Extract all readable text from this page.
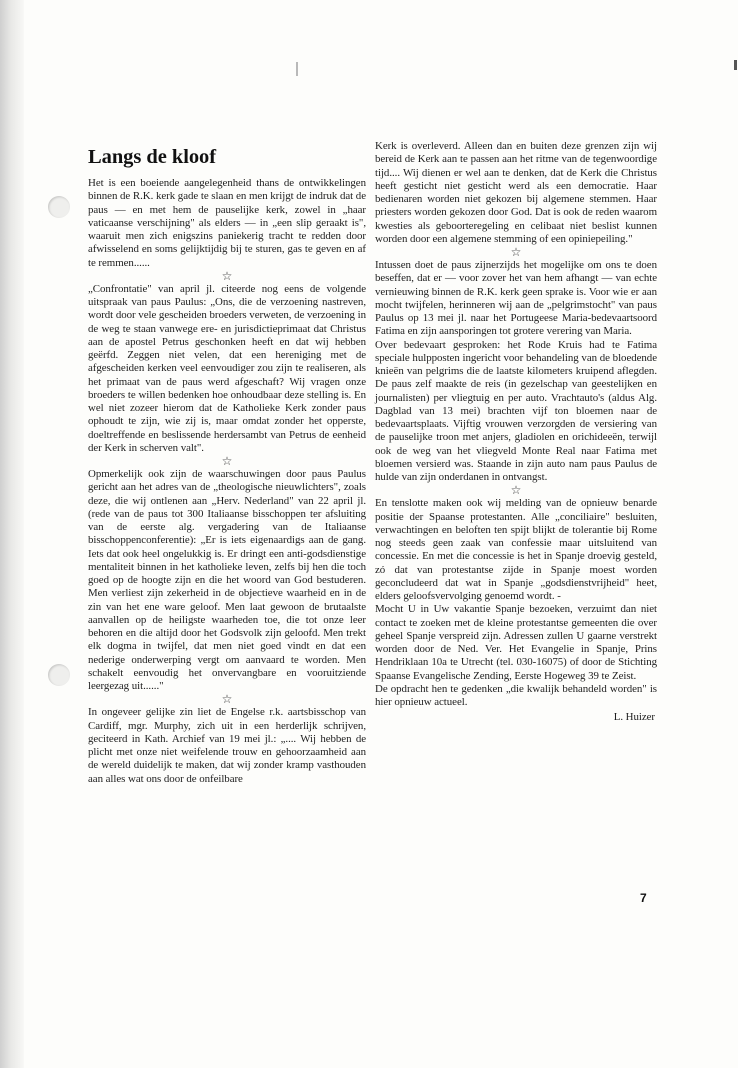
Langs de kloof

Het is een boeiende aangelegenheid thans de ontwikkelingen binnen de R.K. kerk gade te slaan en men krijgt de indruk dat de paus — en met hem de pauselijke kerk, zowel in „haar vaticaanse verschijning" als elders — in „een slip geraakt is", waaruit men zich enigszins paniekerig tracht te redden door afwisselend en soms gelijktijdig bij te sturen, gas te geven en af te remmen......

☆

„Confrontatie" van april jl. citeerde nog eens de volgende uitspraak van paus Paulus: „Ons, die de verzoening nastreven, wordt door vele gescheiden broeders verweten, de verzoening in de weg te staan vanwege ere- en jurisdictieprimaat dat Christus aan de apostel Petrus geschonken heeft en dat wij hebben geërfd. Zeggen niet velen, dat een hereniging met de afgescheiden kerken veel eenvoudiger zou zijn te realiseren, als het primaat van de paus werd afgeschaft? Wij vragen onze broeders te willen bedenken hoe onhoudbaar deze stelling is. En wel niet zozeer hierom dat de Katholieke Kerk zonder paus ophoudt te zijn, wie zij is, maar omdat zonder het opperste, doeltreffende en beslissende herdersambt van Petrus de eenheid der Kerk in scherven valt".

☆

Opmerkelijk ook zijn de waarschuwingen door paus Paulus gericht aan het adres van de „theologische nieuwlichters", zoals deze, die wij ontlenen aan „Herv. Nederland" van 22 april jl. (rede van de paus tot 300 Italiaanse bisschoppen ter afsluiting van de eerste alg. vergadering van de Italiaanse bisschoppenconferentie): „Er is iets eigenaardigs aan de gang. Iets dat ook heel ongelukkig is. Er dringt een anti-godsdienstige mentaliteit binnen in het katholieke leven, zelfs bij hen die toch goed op de hoogte zijn en die het woord van God bestuderen. Men verliest zijn zekerheid in de objectieve waarheid en in de zin van het ene ware geloof. Men laat gewoon de brutaalste aanvallen op de heiligste waarheden toe, die tot onze leer behoren en die altijd door het Godsvolk zijn geloofd. Men trekt elk dogma in twijfel, dat men niet goed vindt en dat een nederige onderwerping vergt om aanvaard te worden. Men schakelt eenvoudig het onvervangbare en vooruitziende leergezag uit......"

☆

In ongeveer gelijke zin liet de Engelse r.k. aartsbisschop van Cardiff, mgr. Murphy, zich uit in een herderlijk schrijven, geciteerd in Kath. Archief van 19 mei jl.: „.... Wij hebben de plicht met onze niet weifelende trouw en gehoorzaamheid aan de wereld duidelijk te maken, dat wij zonder kramp vasthouden aan alles wat ons door de onfeilbare

Kerk is overleverd. Alleen dan en buiten deze grenzen zijn wij bereid de Kerk aan te passen aan het ritme van de tegenwoordige tijd.... Wij dienen er wel aan te denken, dat de Kerk die Christus heeft gesticht niet gesticht werd als een democratie. Haar bedienaren worden niet gekozen bij algemene stemmen. Haar priesters worden gekozen door God. Dat is ook de reden waarom kwesties als geboorteregeling en celibaat niet beslist kunnen worden door een algemene stemming of een opiniepeiling."

☆

Intussen doet de paus zijnerzijds het mogelijke om ons te doen beseffen, dat er — voor zover het van hem afhangt — van echte vernieuwing binnen de R.K. kerk geen sprake is. Voor wie er aan mocht twijfelen, herinneren wij aan de „pelgrimstocht" van paus Paulus op 13 mei jl. naar het Portugeese Maria-bedevaartsoord Fatima en zijn aansporingen tot grotere verering van Maria.

Over bedevaart gesproken: het Rode Kruis had te Fatima speciale hulpposten ingericht voor behandeling van de bloedende knieën van pelgrims die de laatste kilometers kruipend aflegden. De paus zelf maakte de reis (in gezelschap van geestelijken en journalisten) per vliegtuig en per auto. Vrachtauto's (aldus Alg. Dagblad van 13 mei) brachten vijf ton bloemen naar de bedevaartsplaats. Vijftig vrouwen verzorgden de versiering van de pauselijke troon met anjers, gladiolen en orichideeën, terwijl ook de weg van het vliegveld Monte Real naar Fatima met bloemen versierd was. Staande in zijn auto nam paus Paulus de hulde van zijn onderdanen in ontvangst.

☆

En tenslotte maken ook wij melding van de opnieuw benarde positie der Spaanse protestanten. Alle „conciliaire" besluiten, verwachtingen en beloften ten spijt blijkt de tolerantie bij Rome nog steeds geen zaak van confessie maar uitsluitend van concessie. En met die concessie is het in Spanje droevig gesteld, zó dat van protestantse zijde in Spanje moest worden geconcludeerd dat wat in Spanje „godsdienstvrijheid" heet, elders geloofsvervolging genoemd wordt. -

Mocht U in Uw vakantie Spanje bezoeken, verzuimt dan niet contact te zoeken met de kleine protestantse gemeenten die over geheel Spanje verspreid zijn. Adressen zullen U gaarne verstrekt worden door de Ned. Ver. Het Evangelie in Spanje, Prins Hendriklaan 10a te Utrecht (tel. 030-16075) of door de Stichting Spaanse Evangelische Zending, Eerste Hogeweg 39 te Zeist.

De opdracht hen te gedenken „die kwalijk behandeld worden" is hier opnieuw actueel.

L. Huizer

7
